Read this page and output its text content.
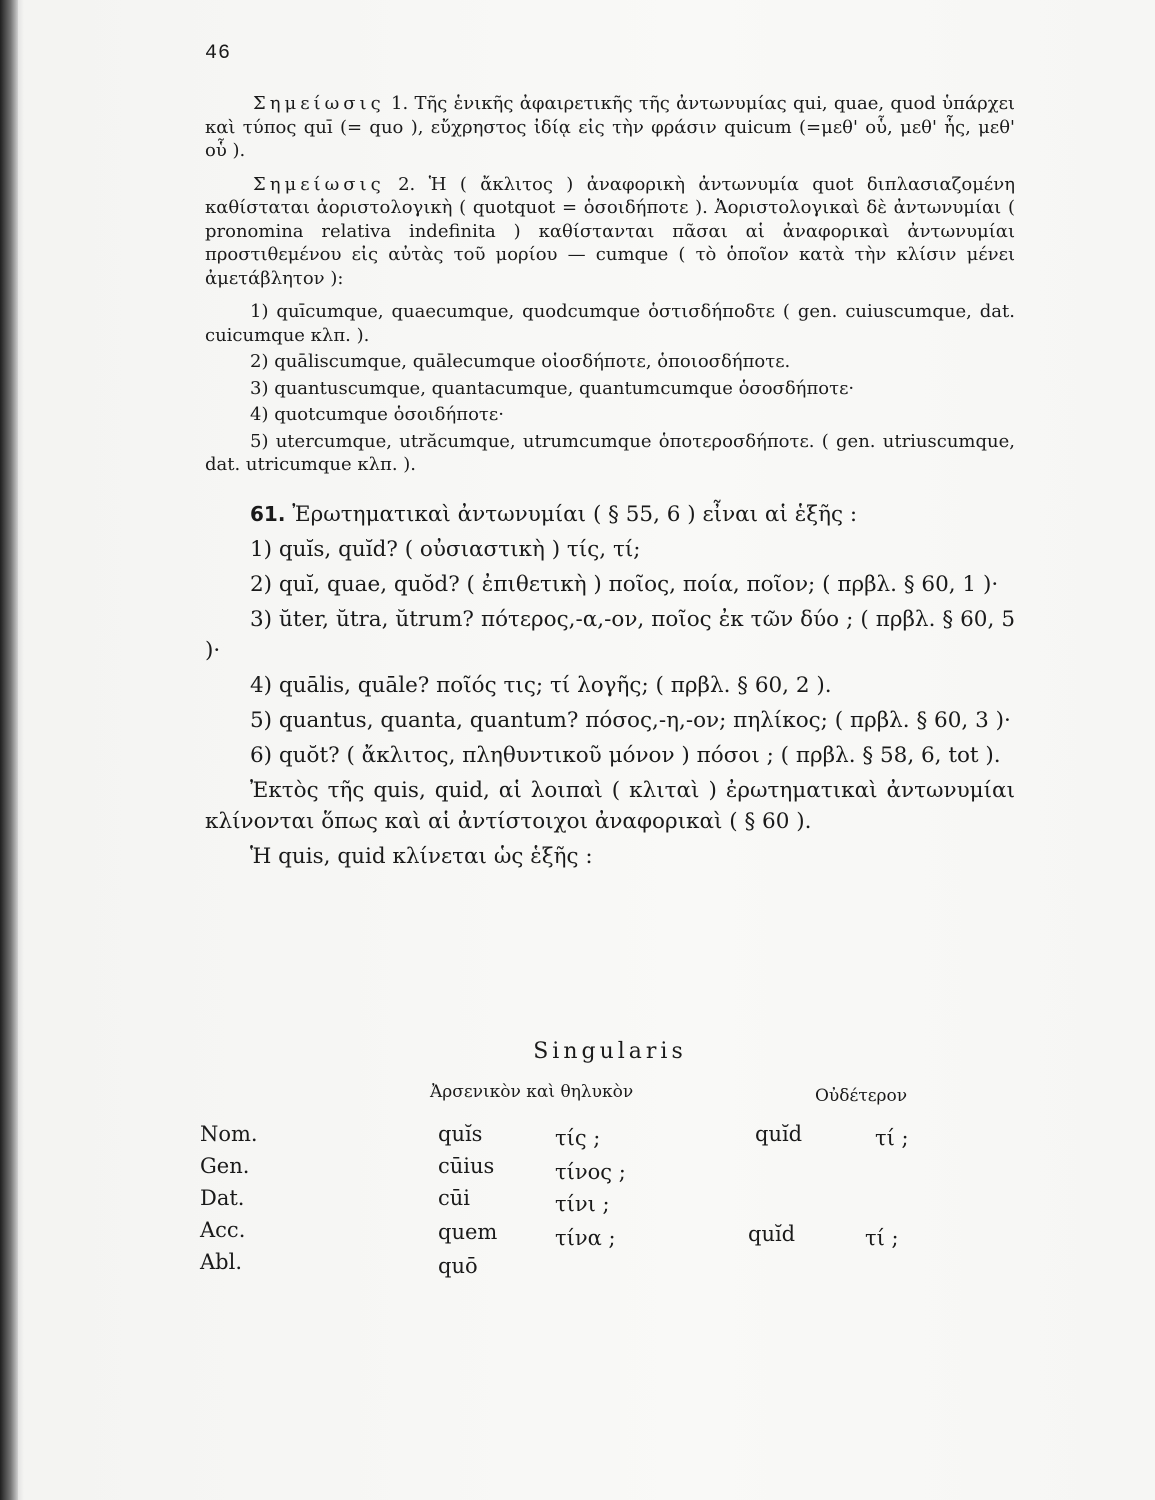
46

Σημείωσις 1. Τῆς ἑνικῆς ἀφαιρετικῆς τῆς ἀντωνυμίας qui, quae, quod ὑπάρχει καὶ τύπος quī (= quo ), εὔχρηστος ἰδίᾳ εἰς τὴν φράσιν quicum (=μεθ' οὗ, μεθ' ἧς, μεθ' οὗ ).

Σημείωσις 2. Ἡ ( ἄκλιτος ) ἀναφορικὴ ἀντωνυμία quot διπλασιαζομένη καθίσταται ἀοριστολογικὴ ( quotquot = ὁσοιδήποτε ). Ἀοριστολογικαὶ δὲ ἀντωνυμίαι ( pronomina relativa indefinita ) καθίστανται πᾶσαι αἱ ἀναφορικαὶ ἀντωνυμίαι προστιθεμένου εἰς αὐτὰς τοῦ μορίου — cumque ( τὸ ὁποῖον κατὰ τὴν κλίσιν μένει ἀμετάβλητον ):

1) quīcumque, quaecumque, quodcumque ὁστισδήποδτε ( gen. cuiuscumque, dat. cuicumque κλπ. ).

2) quāliscumque, quālecumque οἱοσδήποτε, ὁποιοσδήποτε.

3) quantuscumque, quantacumque, quantumcumque ὁσοσδήποτε·

4) quotcumque ὁσοιδήποτε·

5) utercumque, utrăcumque, utrumcumque ὁποτεροσδήποτε. ( gen. utriuscumque, dat. utricumque κλπ. ).

61. Ἐρωτηματικαὶ ἀντωνυμίαι ( § 55, 6 ) εἶναι αἱ ἑξῆς :

1) quĭs, quĭd? ( οὐσιαστικὴ ) τίς, τί;

2) quĭ, quae, quŏd? ( ἐπιθετικὴ ) ποῖος, ποία, ποῖον; ( πρβλ. § 60, 1 )·

3) ŭter, ŭtra, ŭtrum? πότερος,-α,-ον, ποῖος ἐκ τῶν δύο ; ( πρβλ. § 60, 5 )·

4) quālis, quāle? ποῖός τις; τί λογῆς; ( πρβλ. § 60, 2 ).

5) quantus, quanta, quantum? πόσος,-η,-ον; πηλίκος; ( πρβλ. § 60, 3 )·

6) quŏt? ( ἄκλιτος, πληθυντικοῦ μόνον ) πόσοι ; ( πρβλ. § 58, 6, tot ).

Ἐκτὸς τῆς quis, quid, αἱ λοιπαὶ ( κλιταὶ ) ἐρωτηματικαὶ ἀντωνυμίαι κλίνονται ὅπως καὶ αἱ ἀντίστοιχοι ἀναφορικαὶ ( § 60 ).

Ἡ quis, quid κλίνεται ὡς ἑξῆς :

Singularis
Ἀρσενικὸν καὶ θηλυκὸν	Οὐδέτερον
Nom.	quĭs	τίς ;	quĭd	τί ;
Gen.	cūius	τίνος ;
Dat.	cūi	τίνι ;
Acc.	quem	τίνα ;	quĭd	τί ;
Abl.	quō
